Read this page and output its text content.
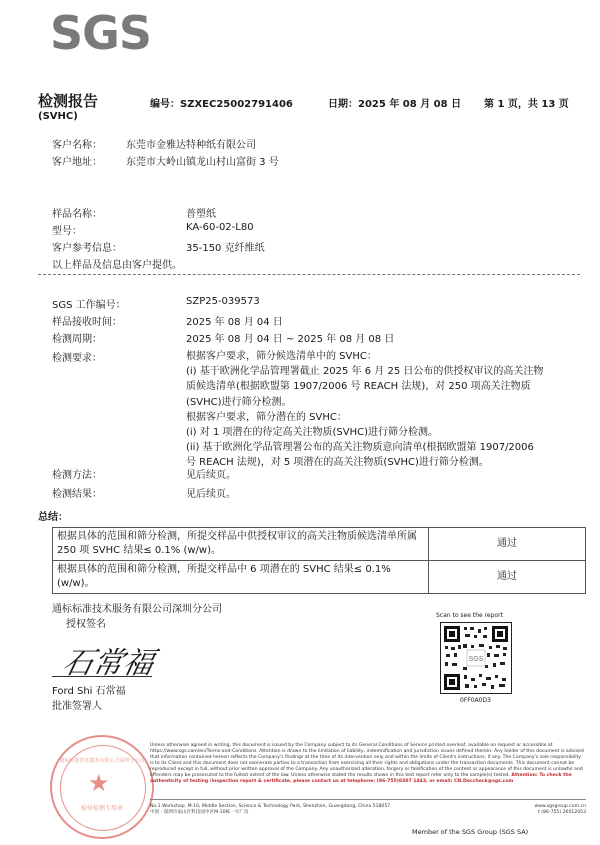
SGS
检测报告
(SVHC)
编号：SZXEC25002791406	日期：2025 年 08 月 08 日 第 1 页，共 13 页
客户名称： 东莞市金雅达特种纸有限公司
客户地址： 东莞市大岭山镇龙山村山富街 3 号
样品名称：	普塑纸
型号：	KA-60-02-L80
客户参考信息：	35-150 克纤维纸
以上样品及信息由客户提供。
SGS 工作编号：	SZP25-039573
样品接收时间：	2025 年 08 月 04 日
检测周期：	2025 年 08 月 04 日 ~ 2025 年 08 月 08 日
检测要求：	根据客户要求，筛分候选清单中的 SVHC：
(i) 基于欧洲化学品管理署截止 2025 年 6 月 25 日公布的供授权审议的高关注物
质候选清单(根据欧盟第 1907/2006 号 REACH 法规)，对 250 项高关注物质
(SVHC)进行筛分检测。
根据客户要求，筛分潜在的 SVHC：
(i) 对 1 项潜在的待定高关注物质(SVHC)进行筛分检测。
(ii) 基于欧洲化学品管理署公布的高关注物质意向清单(根据欧盟第 1907/2006
号 REACH 法规)，对 5 项潜在的高关注物质(SVHC)进行筛分检测。
检测方法：	见后续页。
检测结果：	见后续页。
总结：
根据具体的范围和筛分检测，所提交样品中供授权审议的高关注物质候选清单所属 250 项 SVHC 结果≤ 0.1% (w/w)。	通过
根据具体的范围和筛分检测，所提交样品中 6 项潜在的 SVHC 结果≤ 0.1% (w/w)。	通过
通标标准技术服务有限公司深圳分公司
授权签名
石常福
Ford Shi 石常福
批准签署人
Scan to see the report
SGS
0FF0A0D3
★
通标标准技术服务有限公司深圳分公司
检验检测专用章
Unless otherwise agreed in writing, this document is issued by the Company subject to its General Conditions of Service printed overleaf, available on request or accessible at https://www.sgs.com/en/Terms-and-Conditions. Attention is drawn to the limitation of liability, indemnification and jurisdiction issues defined therein. Any holder of this document is advised that information contained hereon reflects the Company's findings at the time of its intervention only and within the limits of Client's instructions, if any. The Company's sole responsibility is to its Client and this document does not exonerate parties to a transaction from exercising all their rights and obligations under the transaction documents. This document cannot be reproduced except in full, without prior written approval of the Company. Any unauthorized alteration, forgery or falsification of the content or appearance of this document is unlawful and offenders may be prosecuted to the fullest extent of the law. Unless otherwise stated the results shown in this test report refer only to the sample(s) tested. Attention: To check the authenticity of testing /inspection report & certificate, please contact us at telephone: (86-755)8307 1443, or email: CN.Doccheck@sgs.com
No.1 Workshop, M-10, Middle Section, Science & Technology Park, Shenzhen, Guangdong, China 518057	www.sgsgroup.com.cn
中国 · 深圳市南山区科技园中区M-10栋一号厂房	t (86-755) 26012053
Member of the SGS Group (SGS SA)
